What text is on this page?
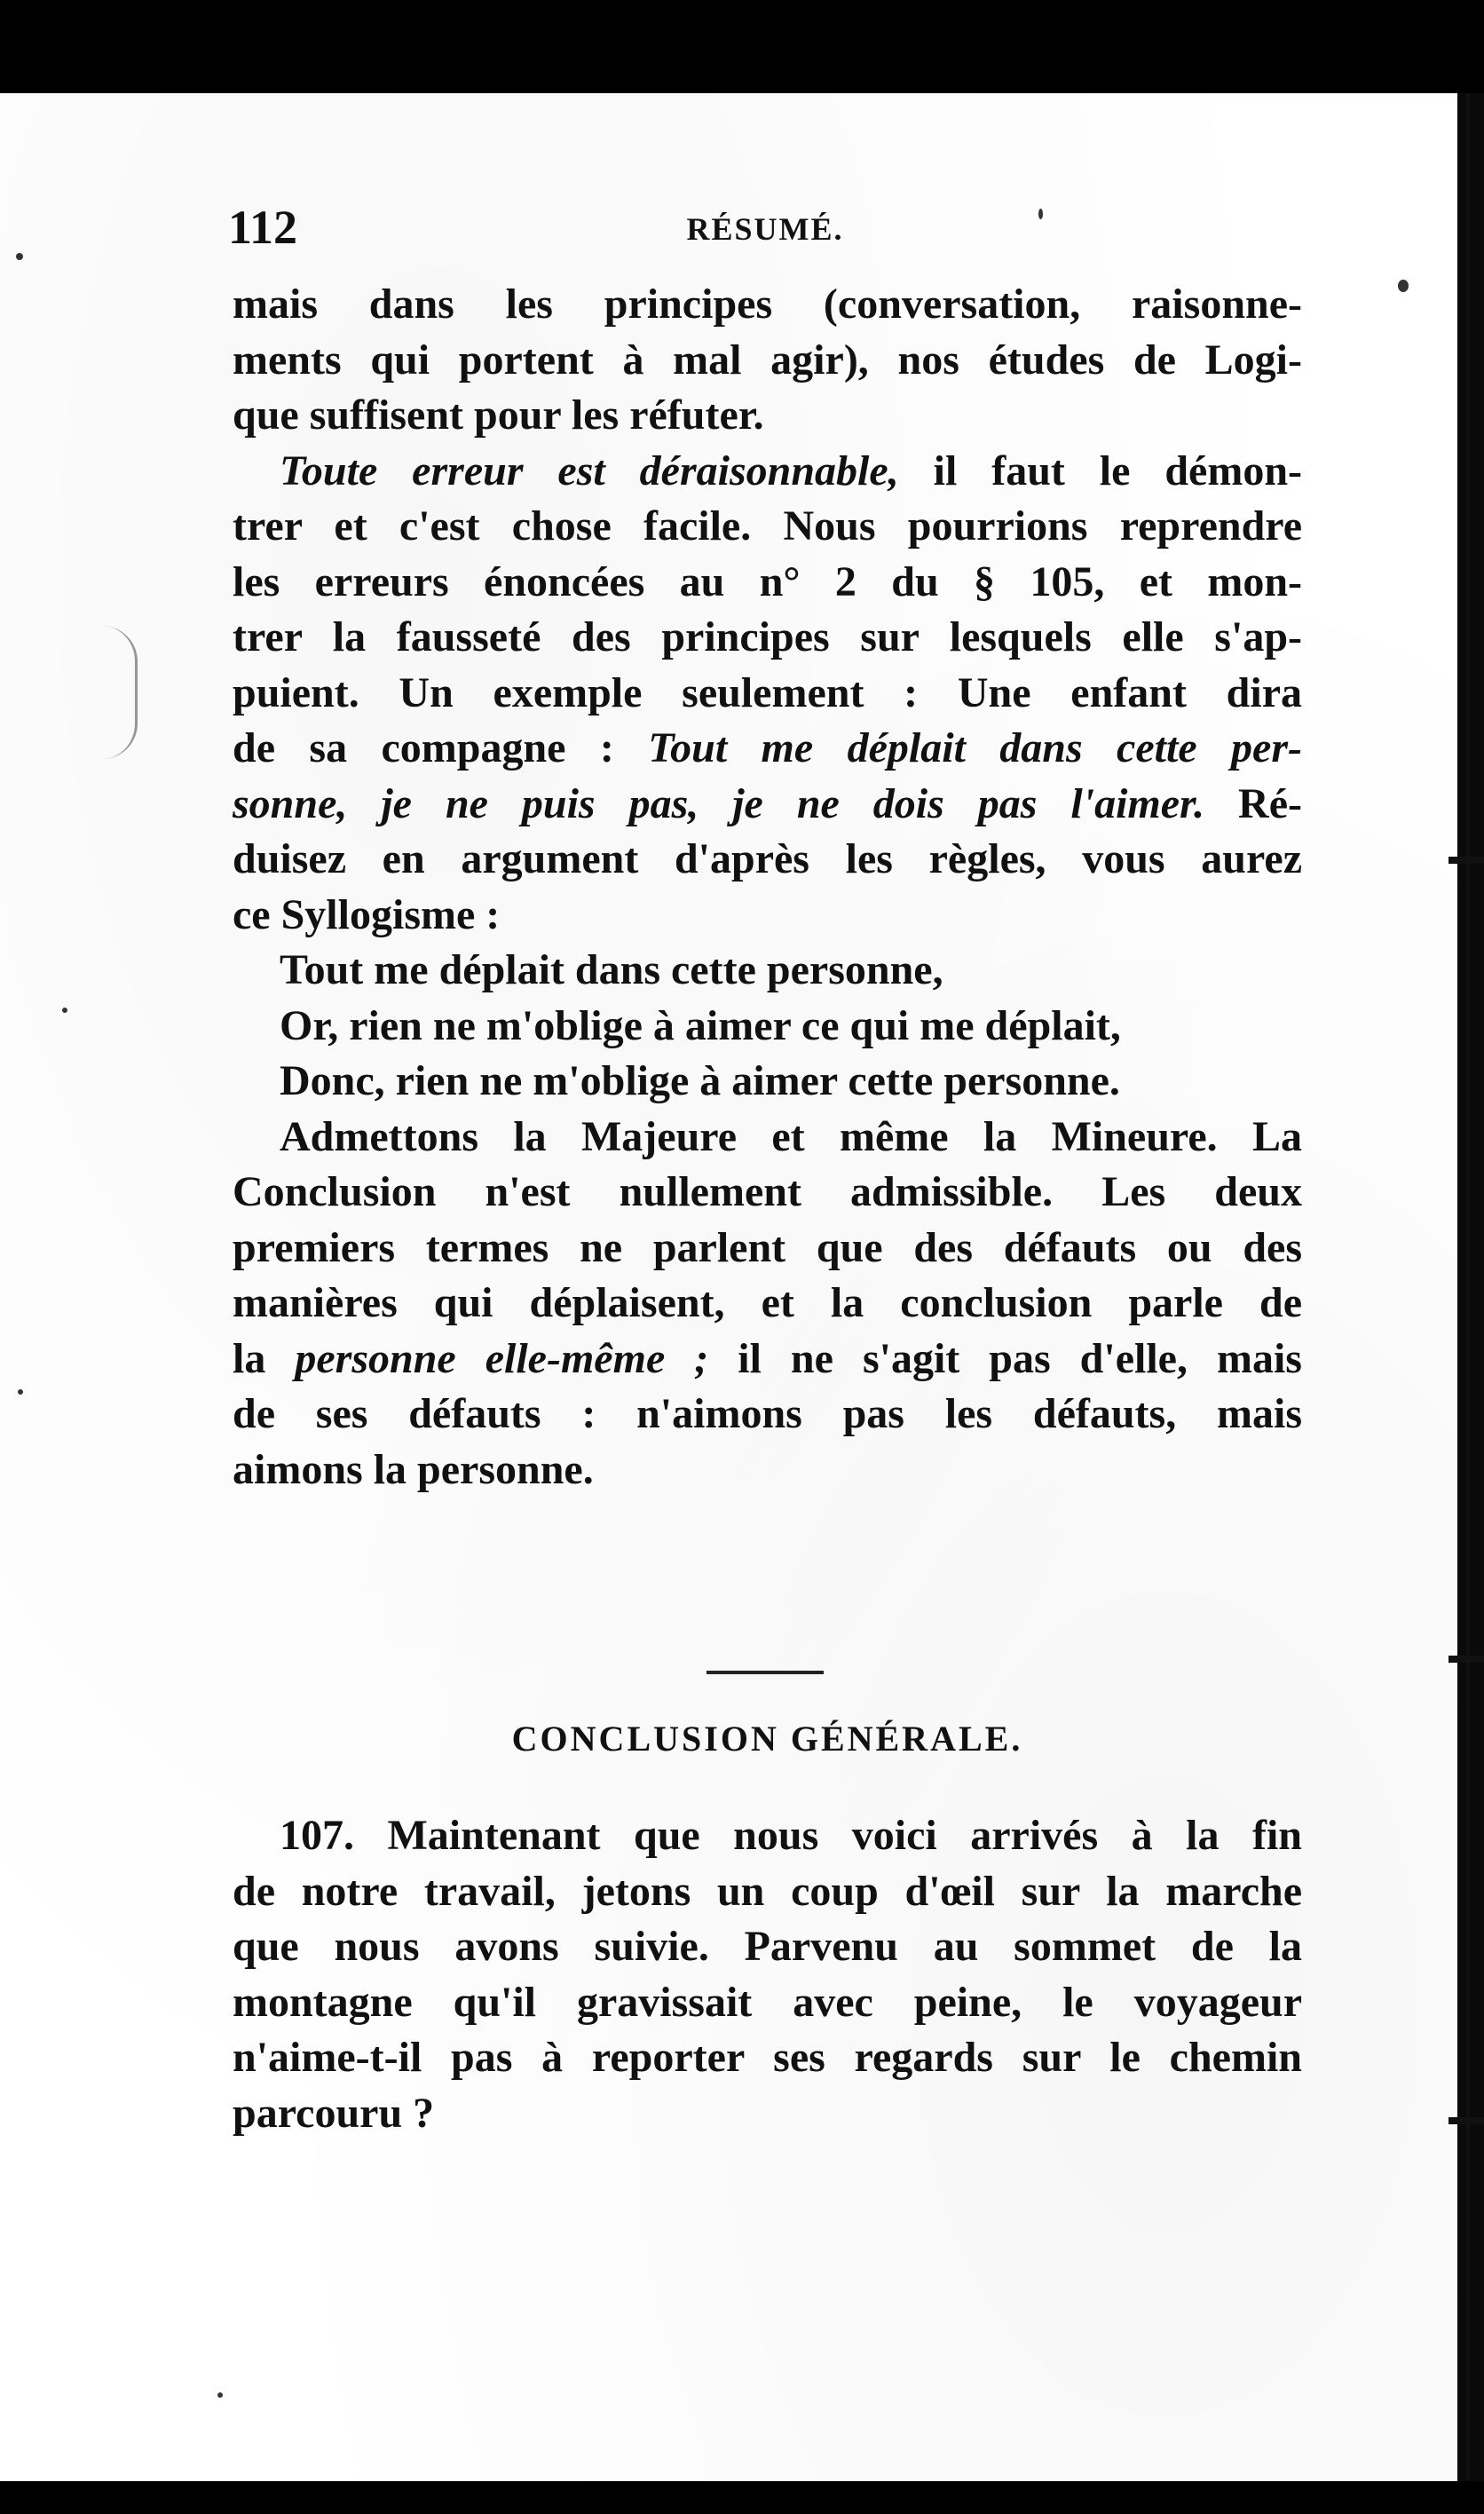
112	RÉSUMÉ.
mais dans les principes (conversation, raisonne-
ments qui portent à mal agir), nos études de Logi-
que suffisent pour les réfuter.
Toute erreur est déraisonnable, il faut le démon-
trer et c'est chose facile. Nous pourrions reprendre
les erreurs énoncées au n° 2 du § 105, et mon-
trer la fausseté des principes sur lesquels elle s'ap-
puient. Un exemple seulement : Une enfant dira
de sa compagne : Tout me déplait dans cette per-
sonne, je ne puis pas, je ne dois pas l'aimer. Ré-
duisez en argument d'après les règles, vous aurez
ce Syllogisme :
Tout me déplait dans cette personne,
Or, rien ne m'oblige à aimer ce qui me déplait,
Donc, rien ne m'oblige à aimer cette personne.
Admettons la Majeure et même la Mineure. La
Conclusion n'est nullement admissible. Les deux
premiers termes ne parlent que des défauts ou des
manières qui déplaisent, et la conclusion parle de
la personne elle-même ; il ne s'agit pas d'elle, mais
de ses défauts : n'aimons pas les défauts, mais
aimons la personne.
CONCLUSION GÉNÉRALE.
107. Maintenant que nous voici arrivés à la fin
de notre travail, jetons un coup d'œil sur la marche
que nous avons suivie. Parvenu au sommet de la
montagne qu'il gravissait avec peine, le voyageur
n'aime-t-il pas à reporter ses regards sur le chemin
parcouru ?
